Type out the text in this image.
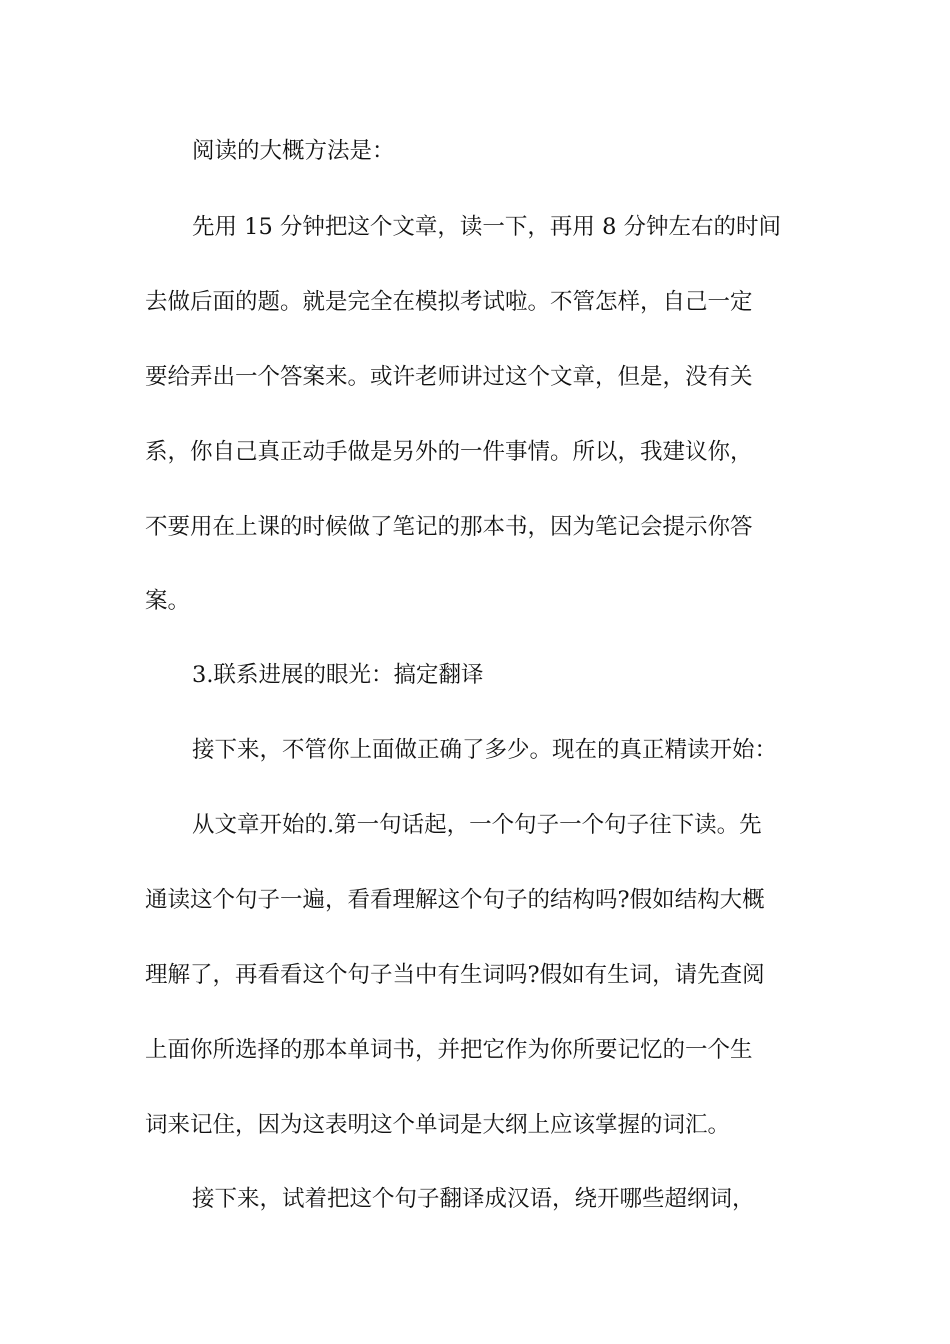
阅读的大概方法是：
先用 15 分钟把这个文章，读一下，再用 8 分钟左右的时间
去做后面的题。就是完全在模拟考试啦。不管怎样，自己一定
要给弄出一个答案来。或许老师讲过这个文章，但是，没有关
系，你自己真正动手做是另外的一件事情。所以，我建议你，
不要用在上课的时候做了笔记的那本书，因为笔记会提示你答
案。
3.联系进展的眼光：搞定翻译
接下来，不管你上面做正确了多少。现在的真正精读开始：
从文章开始的.第一句话起，一个句子一个句子往下读。先
通读这个句子一遍，看看理解这个句子的结构吗?假如结构大概
理解了，再看看这个句子当中有生词吗?假如有生词，请先查阅
上面你所选择的那本单词书，并把它作为你所要记忆的一个生
词来记住，因为这表明这个单词是大纲上应该掌握的词汇。
接下来，试着把这个句子翻译成汉语，绕开哪些超纲词，
